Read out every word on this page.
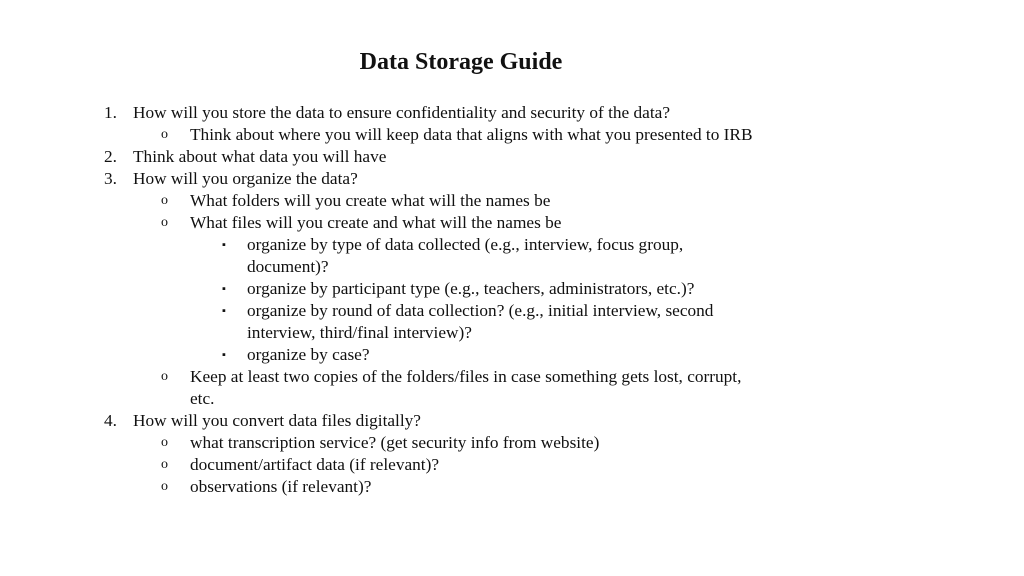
Data Storage Guide
1. How will you store the data to ensure confidentiality and security of the data?
o Think about where you will keep data that aligns with what you presented to IRB
2. Think about what data you will have
3. How will you organize the data?
o What folders will you create what will the names be
o What files will you create and what will the names be
▪ organize by type of data collected (e.g., interview, focus group,
document)?
▪ organize by participant type (e.g., teachers, administrators, etc.)?
▪ organize by round of data collection? (e.g., initial interview, second
interview, third/final interview)?
▪ organize by case?
o Keep at least two copies of the folders/files in case something gets lost, corrupt,
etc.
4. How will you convert data files digitally?
o what transcription service? (get security info from website)
o document/artifact data (if relevant)?
o observations (if relevant)?
